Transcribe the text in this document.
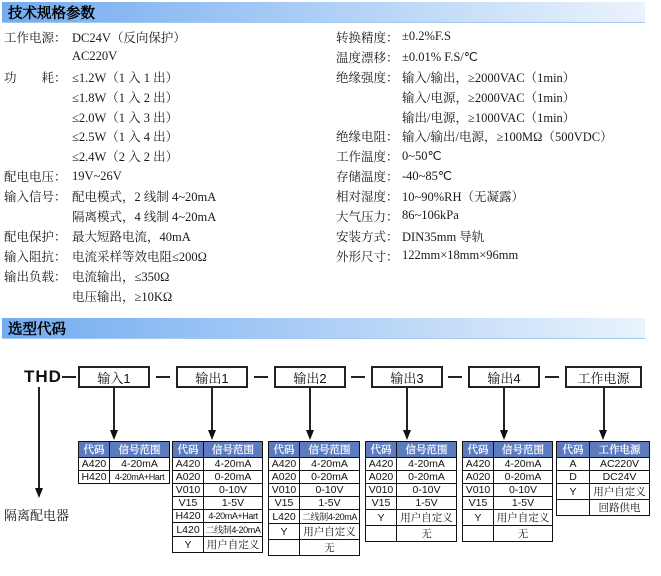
技术规格参数
工作电源： DC24V（反向保护）
AC220V
功　　耗： ≤1.2W（1 入 1 出）
≤1.8W（1 入 2 出）
≤2.0W（1 入 3 出）
≤2.5W（1 入 4 出）
≤2.4W（2 入 2 出）
配电电压： 19V~26V
输入信号： 配电模式，2 线制 4~20mA
隔离模式，4 线制 4~20mA
配电保护： 最大短路电流，40mA
输入阻抗： 电流采样等效电阻≤200Ω
输出负载： 电流输出，≤350Ω
电压输出，≥10KΩ
转换精度： ±0.2%F.S
温度漂移： ±0.01% F.S/℃
绝缘强度： 输入/输出，≥2000VAC（1min）
输入/电源，≥2000VAC（1min）
输出/电源，≥1000VAC（1min）
绝缘电阻： 输入/输出/电源，≥100MΩ（500VDC）
工作温度： 0~50℃
存储温度： -40~85℃
相对湿度： 10~90%RH（无凝露）
大气压力： 86~106kPa
安装方式： DIN35mm 导轨
外形尺寸： 122mm×18mm×96mm
选型代码
THD
隔离配电器
输入1	输出1	输出2	输出3	输出4	工作电源
代码	信号范围
A420	4-20mA
H420	4-20mA+Hart
代码	信号范围
A420	4-20mA
A020	0-20mA
V010	0-10V
V15	1-5V
H420	4-20mA+Hart
L420	二线制4-20mA
Y	用户自定义
代码	信号范围
A420	4-20mA
A020	0-20mA
V010	0-10V
V15	1-5V
L420	二线制4-20mA
Y	用户自定义
	无
代码	信号范围
A420	4-20mA
A020	0-20mA
V010	0-10V
V15	1-5V
Y	用户自定义
	无
代码	信号范围
A420	4-20mA
A020	0-20mA
V010	0-10V
V15	1-5V
Y	用户自定义
	无
代码	工作电源
A	AC220V
D	DC24V
Y	用户自定义
	回路供电
